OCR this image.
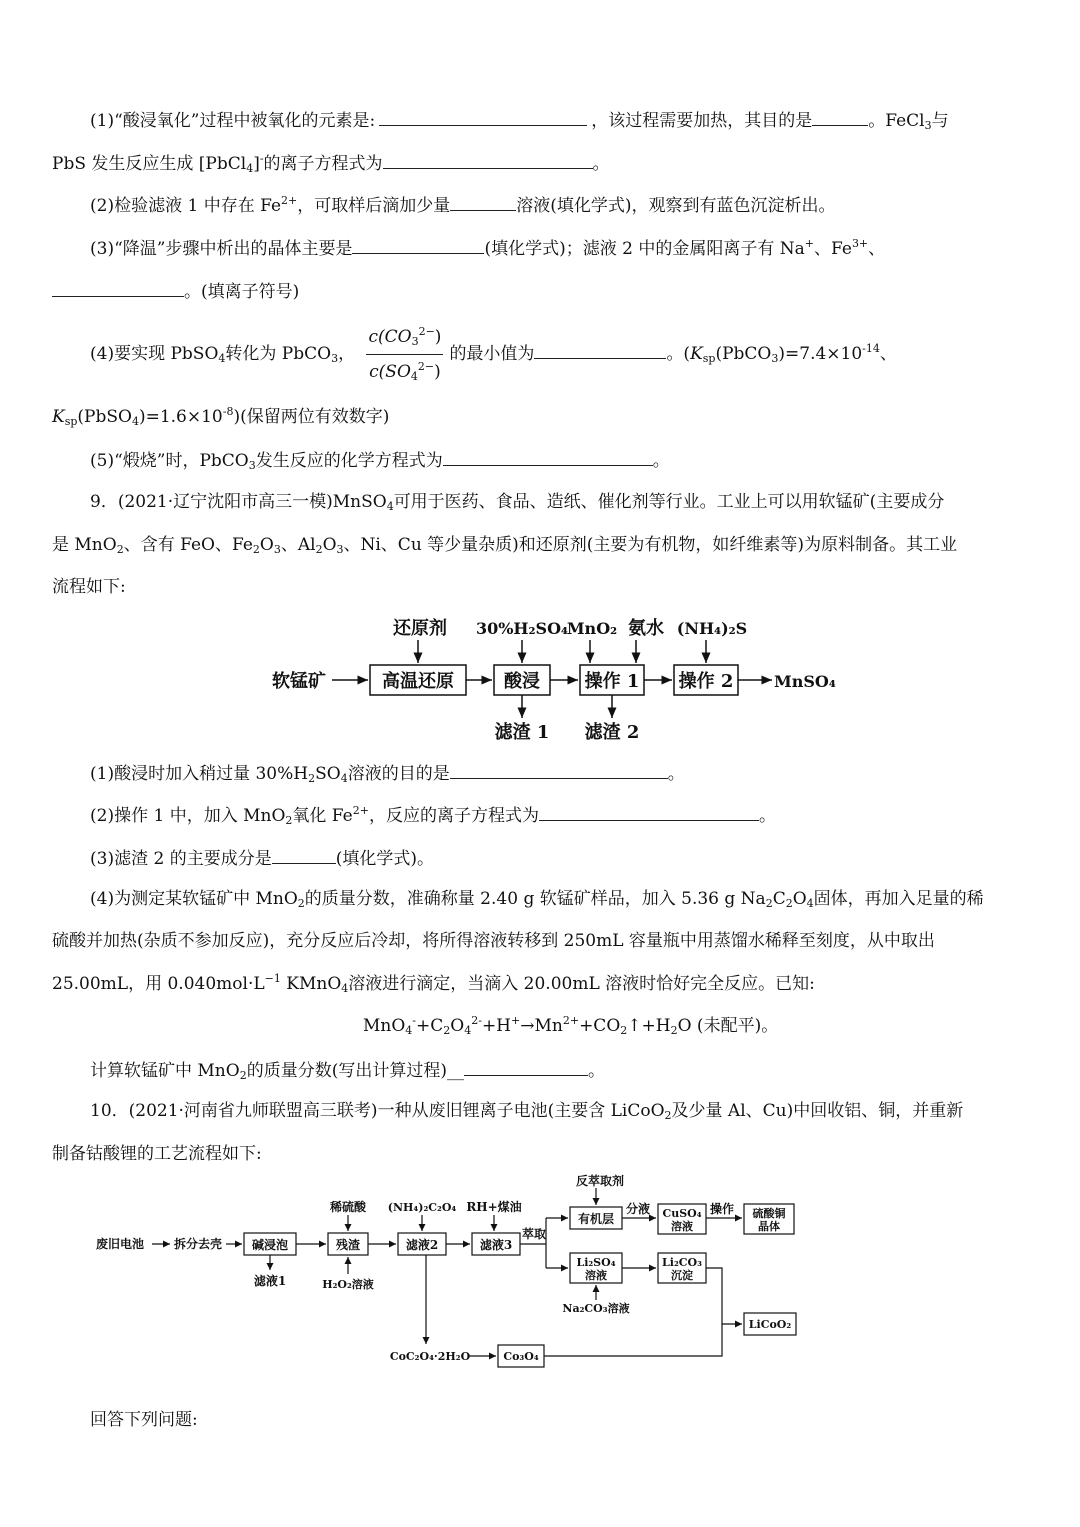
(1)“酸浸氧化”过程中被氧化的元素是:	，该过程需要加热，其目的是	。FeCl$_3$与
PbS 发生反应生成 [PbCl$_4$]-的离子方程式为	。
(2)检验滤液 1 中存在 $Fe^{2+}$，可取样后滴加少量	溶液(填化学式)，观察到有蓝色沉淀析出。
(3)“降温”步骤中析出的晶体主要是	(填化学式)；滤液 2 中的金属阳离子有 Na+、$Fe^{3+}$、
。(填离子符号)
(4)要实现 PbSO$_4$转化为 PbCO$_3$， $\frac{c(CO_3^{2-})}{c(SO_4^{2-})}$ 的最小值为	。($K_{sp}(PbCO_3)=7.4\times 10^{-14}$、
$K_{sp}(PbSO_4)=1.6\times 10^{-8}$)(保留两位有效数字)
(5)“煅烧”时，PbCO$_3$发生反应的化学方程式为	。
9．(2021·辽宁沈阳市高三一模)MnSO$_4$可用于医药、食品、造纸、催化剂等行业。工业上可以用软锰矿(主要成分
是 MnO$_2$、含有 FeO、$Fe_2O_3$、$Al_2O_3$、Ni、Cu 等少量杂质)和还原剂(主要为有机物，如纤维素等)为原料制备。其工业
流程如下:
软锰矿	高温还原	酸浸 操作 1 操作 2	MnSO₄
还原剂 30%H₂SO₄
MnO₂ 氨水 (NH₄)₂S
滤渣 1 滤渣 2
(1)酸浸时加入稍过量 $30\%H_2SO_4$溶液的目的是	。
(2)操作 1 中，加入 MnO$_2$氧化 $Fe^{2+}$，反应的离子方程式为	。
(3)滤渣 2 的主要成分是	(填化学式)。
(4)为测定某软锰矿中 MnO$_2$的质量分数，准确称量 2.40 g 软锰矿样品，加入 5.36 g $Na_2C_2O_4$固体，再加入足量的稀
硫酸并加热(杂质不参加反应)，充分反应后冷却，将所得溶液转移到 250mL 容量瓶中用蒸馏水稀释至刻度，从中取出
25.00mL，用 $0.040mol\cdot L^{-1}$ KMnO$_4$溶液进行滴定，当滴入 20.00mL 溶液时恰好完全反应。已知:
$MnO_4^-+C_2O_4^{2-}+H^+\to Mn^{2+}+CO_2↑+H_2O$ (未配平)。
计算软锰矿中 MnO$_2$的质量分数(写出计算过程)__	。
10．(2021·河南省九师联盟高三联考)一种从废旧锂离子电池(主要含 LiCoO$_2$及少量 Al、Cu)中回收铝、铜，并重新
制备钴酸锂的工艺流程如下:
废旧电池 拆分去壳 碱浸泡	残渣	滤液2	滤液3
萃取
有机层
分液 CuSO₄
溶液
操作 硫酸铜
晶体
Li₂SO₄
溶液
Li₂CO₃
沉淀
LiCoO₂
稀硫酸 (NH₄)₂C₂O₄ RH+煤油
反萃取剂
H₂O₂溶液
Na₂CO₃溶液
滤液1
CoC₂O₄·2H₂O	Co₃O₄
回答下列问题:
